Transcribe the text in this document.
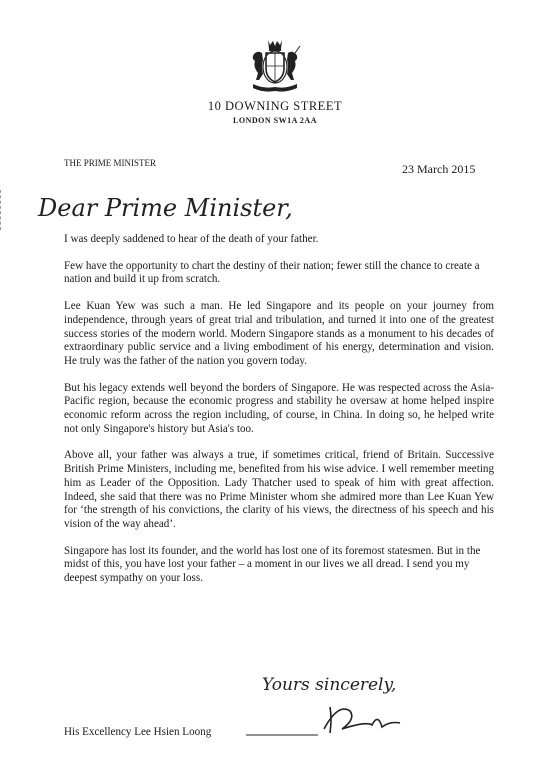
10 DOWNING STREET
LONDON SW1A 2AA
THE PRIME MINISTER	23 March 2015
Dear Prime Minister,

I was deeply saddened to hear of the death of your father.

Few have the opportunity to chart the destiny of their nation; fewer still the chance to create a nation and build it up from scratch.

Lee Kuan Yew was such a man. He led Singapore and its people on your journey from independence, through years of great trial and tribulation, and turned it into one of the greatest success stories of the modern world. Modern Singapore stands as a monument to his decades of extraordinary public service and a living embodiment of his energy, determination and vision. He truly was the father of the nation you govern today.

But his legacy extends well beyond the borders of Singapore. He was respected across the Asia-Pacific region, because the economic progress and stability he oversaw at home helped inspire economic reform across the region including, of course, in China. In doing so, he helped write not only Singapore's history but Asia's too.

Above all, your father was always a true, if sometimes critical, friend of Britain. Successive British Prime Ministers, including me, benefited from his wise advice. I well remember meeting him as Leader of the Opposition. Lady Thatcher used to speak of him with great affection. Indeed, she said that there was no Prime Minister whom she admired more than Lee Kuan Yew for ‘the strength of his convictions, the clarity of his views, the directness of his speech and his vision of the way ahead’.

Singapore has lost its founder, and the world has lost one of its foremost statesmen. But in the midst of this, you have lost your father – a moment in our lives we all dread. I send you my deepest sympathy on your loss.

Yours sincerely,
His Excellency Lee Hsien Loong
